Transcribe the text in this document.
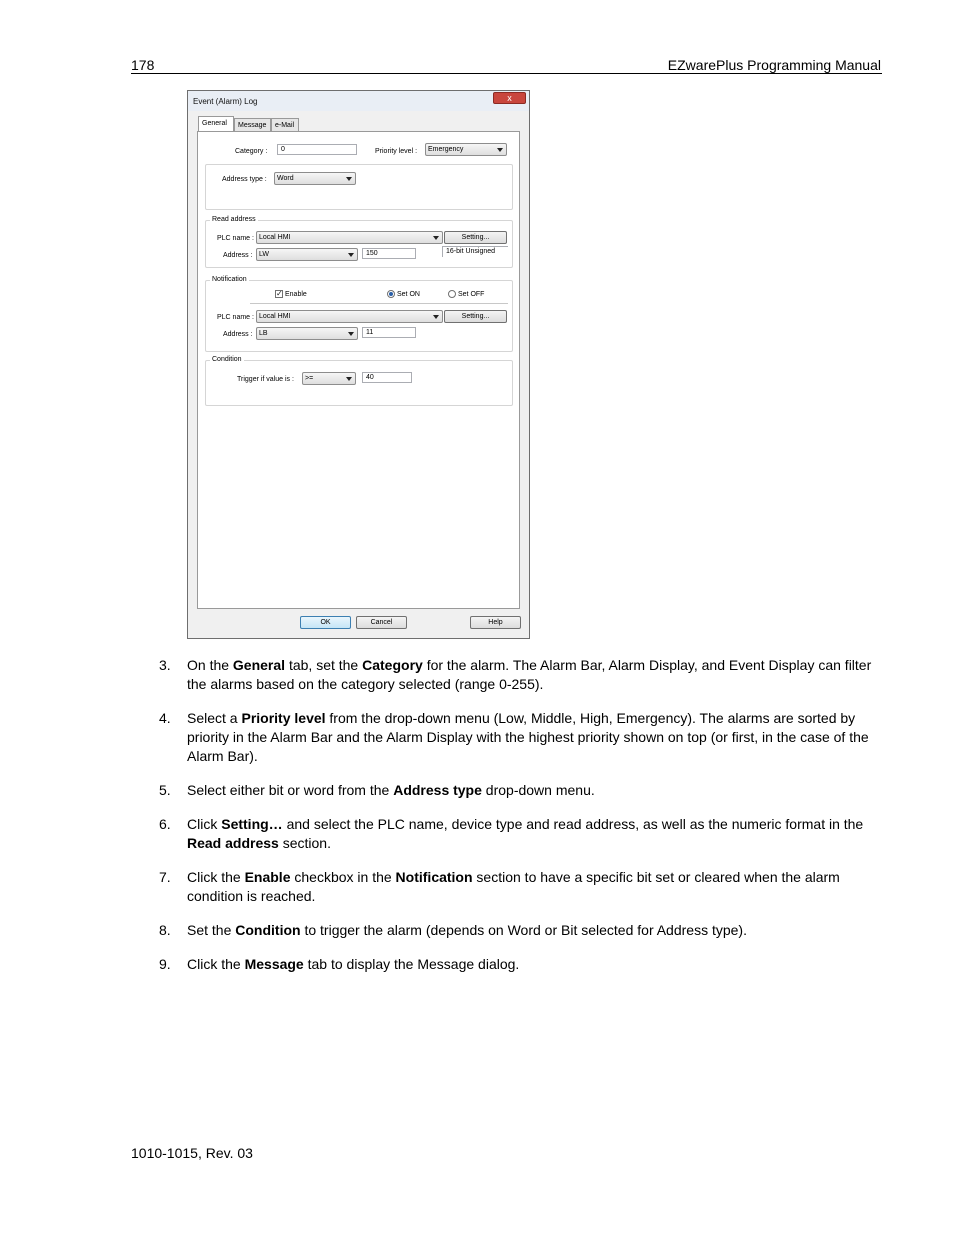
178	EZwarePlus Programming Manual
Event (Alarm) Log	x
General	Message	e-Mail
Category :	0	Priority level :	Emergency
Address type :	Word
Read address
PLC name : Local HMI	Setting...
Address : LW	150	16-bit Unsigned
Notification
✓ Enable	Set ON	Set OFF
PLC name : Local HMI	Setting...
Address : LB	11
Condition
Trigger if value is :	>=	40
OK	Cancel	Help
3. On the General tab, set the Category for the alarm. The Alarm Bar, Alarm Display, and Event Display can filter the alarms based on the category selected (range 0-255).
4. Select a Priority level from the drop-down menu (Low, Middle, High, Emergency). The alarms are sorted by priority in the Alarm Bar and the Alarm Display with the highest priority shown on top (or first, in the case of the Alarm Bar).
5. Select either bit or word from the Address type drop-down menu.
6. Click Setting… and select the PLC name, device type and read address, as well as the numeric format in the Read address section.
7. Click the Enable checkbox in the Notification section to have a specific bit set or cleared when the alarm condition is reached.
8. Set the Condition to trigger the alarm (depends on Word or Bit selected for Address type).
9. Click the Message tab to display the Message dialog.
1010-1015, Rev. 03
